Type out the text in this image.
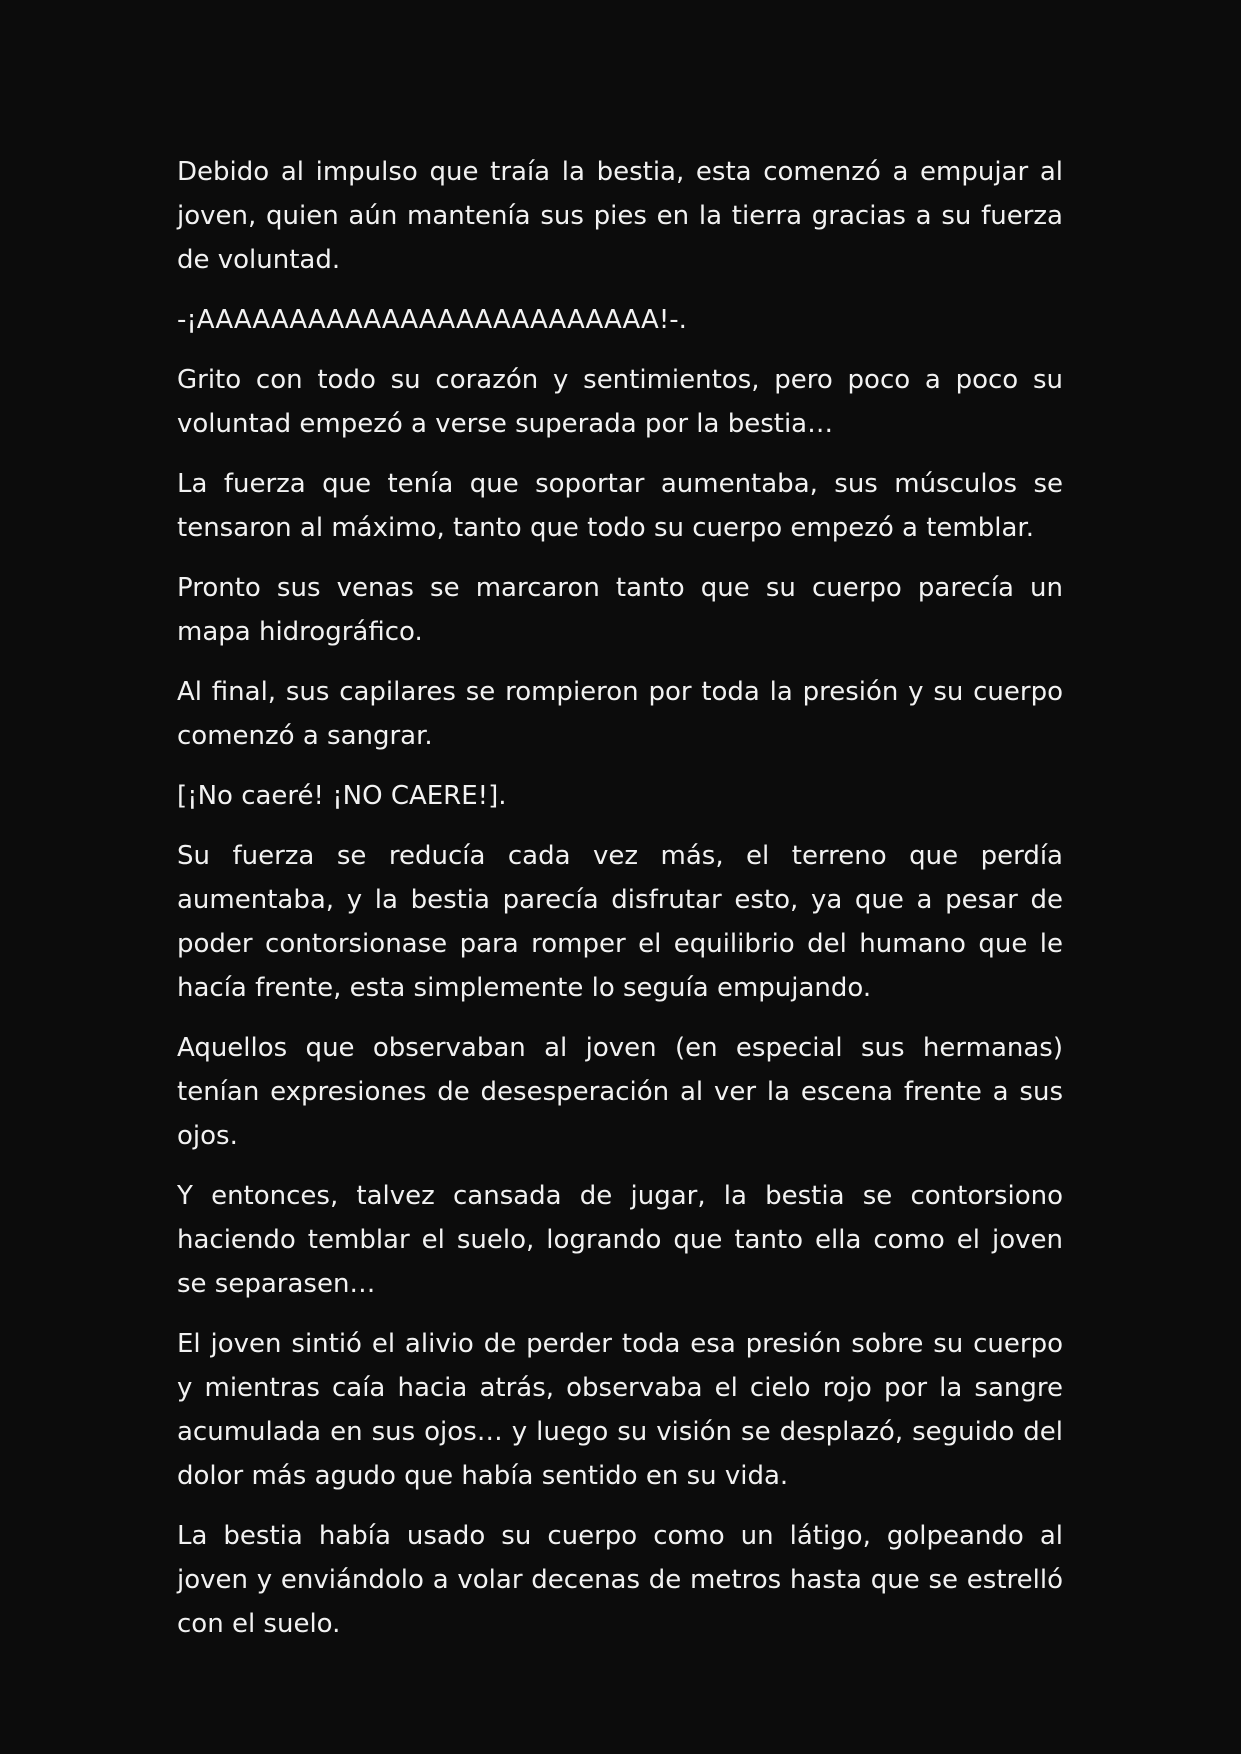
Debido al impulso que traía la bestia, esta comenzó a empujar al joven, quien aún mantenía sus pies en la tierra gracias a su fuerza de voluntad.

-¡AAAAAAAAAAAAAAAAAAAAAAAAA!-.

Grito con todo su corazón y sentimientos, pero poco a poco su voluntad empezó a verse superada por la bestia…

La fuerza que tenía que soportar aumentaba, sus músculos se tensaron al máximo, tanto que todo su cuerpo empezó a temblar.

Pronto sus venas se marcaron tanto que su cuerpo parecía un mapa hidrográfico.

Al final, sus capilares se rompieron por toda la presión y su cuerpo comenzó a sangrar.

[¡No caeré! ¡NO CAERE!].

Su fuerza se reducía cada vez más, el terreno que perdía aumentaba, y la bestia parecía disfrutar esto, ya que a pesar de poder contorsionase para romper el equilibrio del humano que le hacía frente, esta simplemente lo seguía empujando.

Aquellos que observaban al joven (en especial sus hermanas) tenían expresiones de desesperación al ver la escena frente a sus ojos.

Y entonces, talvez cansada de jugar, la bestia se contorsiono haciendo temblar el suelo, logrando que tanto ella como el joven se separasen…

El joven sintió el alivio de perder toda esa presión sobre su cuerpo y mientras caía hacia atrás, observaba el cielo rojo por la sangre acumulada en sus ojos… y luego su visión se desplazó, seguido del dolor más agudo que había sentido en su vida.

La bestia había usado su cuerpo como un látigo, golpeando al joven y enviándolo a volar decenas de metros hasta que se estrelló con el suelo.
